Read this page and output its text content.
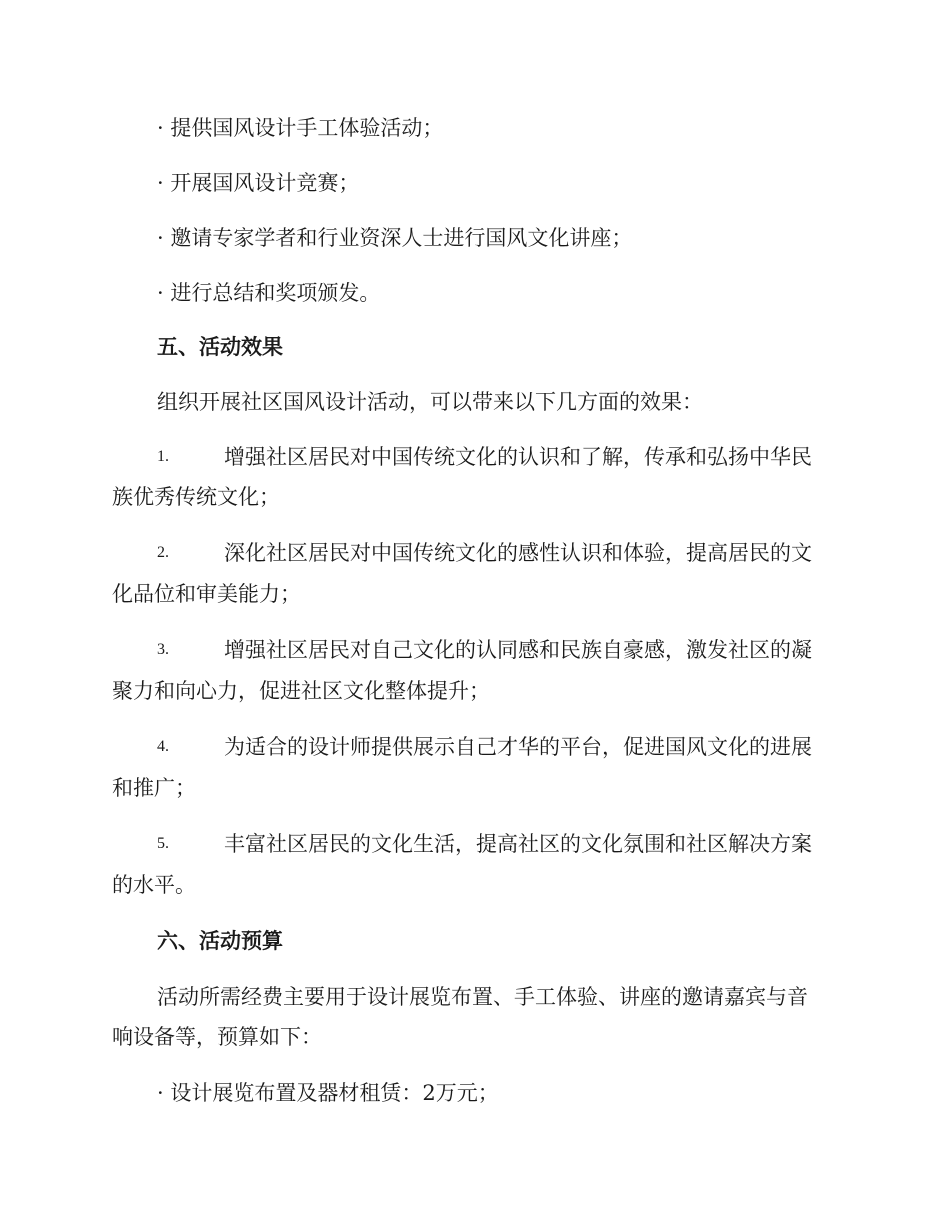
· 提供国风设计手工体验活动；
· 开展国风设计竞赛；
· 邀请专家学者和行业资深人士进行国风文化讲座；
· 进行总结和奖项颁发。
五、活动效果
组织开展社区国风设计活动，可以带来以下几方面的效果：
1.	增强社区居民对中国传统文化的认识和了解，传承和弘扬中华民
族优秀传统文化；
2.	深化社区居民对中国传统文化的感性认识和体验，提高居民的文
化品位和审美能力；
3.	增强社区居民对自己文化的认同感和民族自豪感，激发社区的凝
聚力和向心力，促进社区文化整体提升；
4.	为适合的设计师提供展示自己才华的平台，促进国风文化的进展
和推广；
5.	丰富社区居民的文化生活，提高社区的文化氛围和社区解决方案
的水平。
六、活动预算
活动所需经费主要用于设计展览布置、手工体验、讲座的邀请嘉宾与音
响设备等，预算如下：
· 设计展览布置及器材租赁：2万元；
